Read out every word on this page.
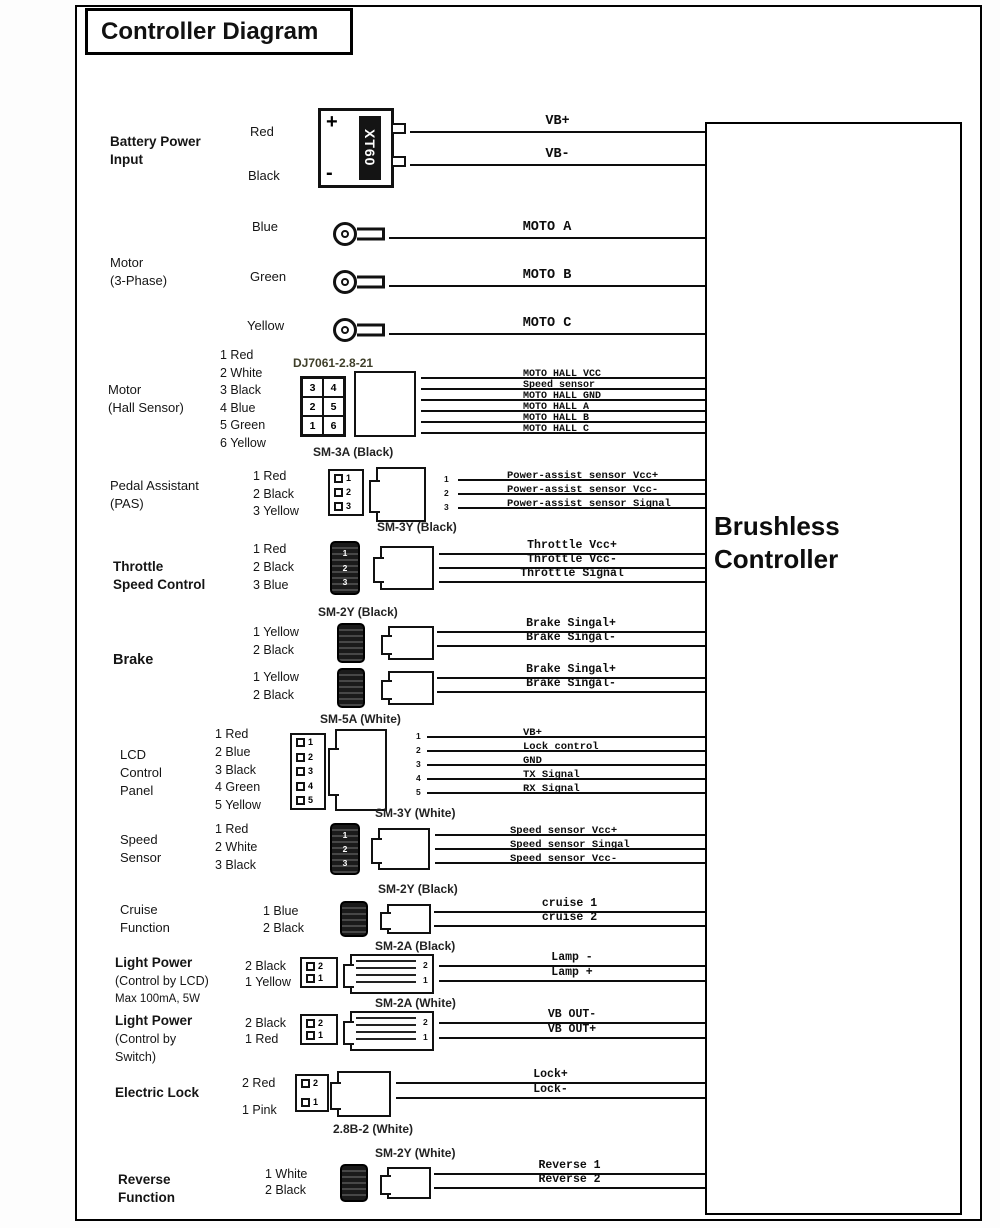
Controller Diagram
Brushless
Controller
Battery Power
Input
Red
Black
+
-
XT60
VB+
VB-
Motor
(3-Phase)
Blue
Green
Yellow
MOTO A
MOTO B
MOTO C
Motor
(Hall Sensor)
1 Red
2 White
3 Black
4 Blue
5 Green
6 Yellow
DJ7061-2.8-21
3	4
2	5
1	6
MOTO HALL VCC
Speed sensor
MOTO HALL GND
MOTO HALL A
MOTO HALL B
MOTO HALL C
SM-3A (Black)
Pedal Assistant
(PAS)
1 Red
2 Black
3 Yellow
1
2
3
1
2
3
Power-assist sensor Vcc+
Power-assist sensor Vcc-
Power-assist sensor Signal
SM-3Y (Black)
Throttle
Speed Control
1 Red
2 Black
3 Blue
1
2
3
Throttle Vcc+
Throttle Vcc-
Throttle Signal
SM-2Y (Black)
Brake
1 Yellow
2 Black
Brake Singal+
Brake Singal-
1 Yellow
2 Black
Brake Singal+
Brake Singal-
SM-5A (White)
LCD
Control
Panel
1 Red
2 Blue
3 Black
4 Green
5 Yellow
1
2
3
4
5
1
2
3
4
5
VB+
Lock control
GND
TX Signal
RX Signal
SM-3Y (White)
Speed
Sensor
1 Red
2 White
3 Black
1
2
3
Speed sensor Vcc+
Speed sensor Singal
Speed sensor Vcc-
SM-2Y (Black)
Cruise
Function
1 Blue
2 Black
cruise 1
cruise 2
SM-2A (Black)
Light Power
(Control by LCD)
Max 100mA, 5W
2 Black
1 Yellow
2
1
2
1
Lamp -
Lamp +
SM-2A (White)
Light Power
(Control by
Switch)
2 Black
1 Red
2
1
2
1
VB OUT-
VB OUT+
Electric Lock
2 Red
1 Pink
2
1
2.8B-2 (White)
Lock+
Lock-
SM-2Y (White)
Reverse
Function
1 White
2 Black
Reverse 1
Reverse 2
